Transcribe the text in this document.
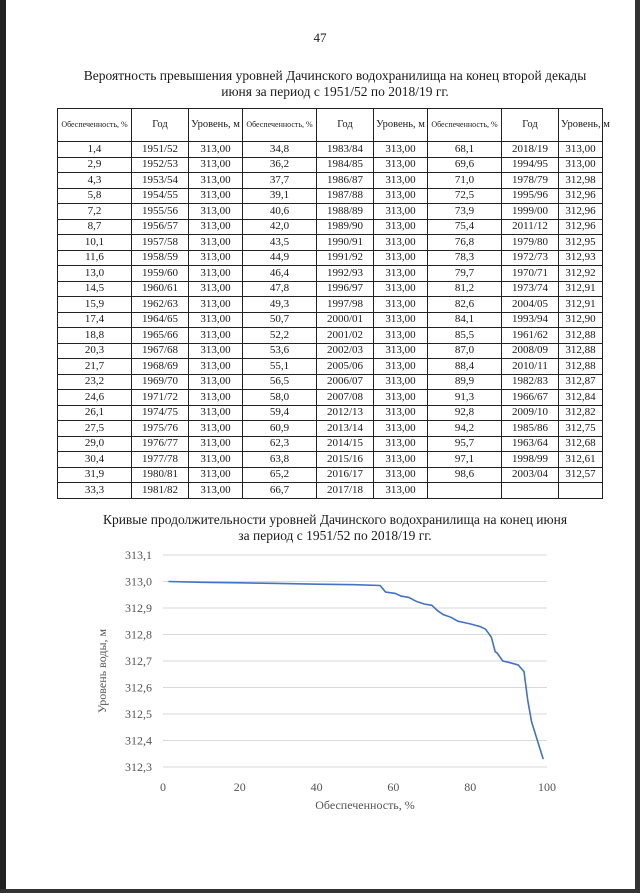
47
Вероятность превышения уровней Дачинского водохранилища на конец второй декады
июня за период с 1951/52 по 2018/19 гг.
Обеспеченность, %	Год	Уровень, м	Обеспеченность, %	Год	Уровень, м	Обеспеченность, %	Год	Уровень, м
1,4	1951/52	313,00	34,8	1983/84	313,00	68,1	2018/19	313,00
2,9	1952/53	313,00	36,2	1984/85	313,00	69,6	1994/95	313,00
4,3	1953/54	313,00	37,7	1986/87	313,00	71,0	1978/79	312,98
5,8	1954/55	313,00	39,1	1987/88	313,00	72,5	1995/96	312,96
7,2	1955/56	313,00	40,6	1988/89	313,00	73,9	1999/00	312,96
8,7	1956/57	313,00	42,0	1989/90	313,00	75,4	2011/12	312,96
10,1	1957/58	313,00	43,5	1990/91	313,00	76,8	1979/80	312,95
11,6	1958/59	313,00	44,9	1991/92	313,00	78,3	1972/73	312,93
13,0	1959/60	313,00	46,4	1992/93	313,00	79,7	1970/71	312,92
14,5	1960/61	313,00	47,8	1996/97	313,00	81,2	1973/74	312,91
15,9	1962/63	313,00	49,3	1997/98	313,00	82,6	2004/05	312,91
17,4	1964/65	313,00	50,7	2000/01	313,00	84,1	1993/94	312,90
18,8	1965/66	313,00	52,2	2001/02	313,00	85,5	1961/62	312,88
20,3	1967/68	313,00	53,6	2002/03	313,00	87,0	2008/09	312,88
21,7	1968/69	313,00	55,1	2005/06	313,00	88,4	2010/11	312,88
23,2	1969/70	313,00	56,5	2006/07	313,00	89,9	1982/83	312,87
24,6	1971/72	313,00	58,0	2007/08	313,00	91,3	1966/67	312,84
26,1	1974/75	313,00	59,4	2012/13	313,00	92,8	2009/10	312,82
27,5	1975/76	313,00	60,9	2013/14	313,00	94,2	1985/86	312,75
29,0	1976/77	313,00	62,3	2014/15	313,00	95,7	1963/64	312,68
30,4	1977/78	313,00	63,8	2015/16	313,00	97,1	1998/99	312,61
31,9	1980/81	313,00	65,2	2016/17	313,00	98,6	2003/04	312,57
33,3	1981/82	313,00	66,7	2017/18	313,00			
Кривые продолжительности уровней Дачинского водохранилища на конец июня
за период с 1951/52 по 2018/19 гг.
312,3
312,4
312,5
312,6
312,7
312,8
312,9
313,0
313,1
0	20	40	60	80	100
Обеспеченность, %
Уровень воды, м
